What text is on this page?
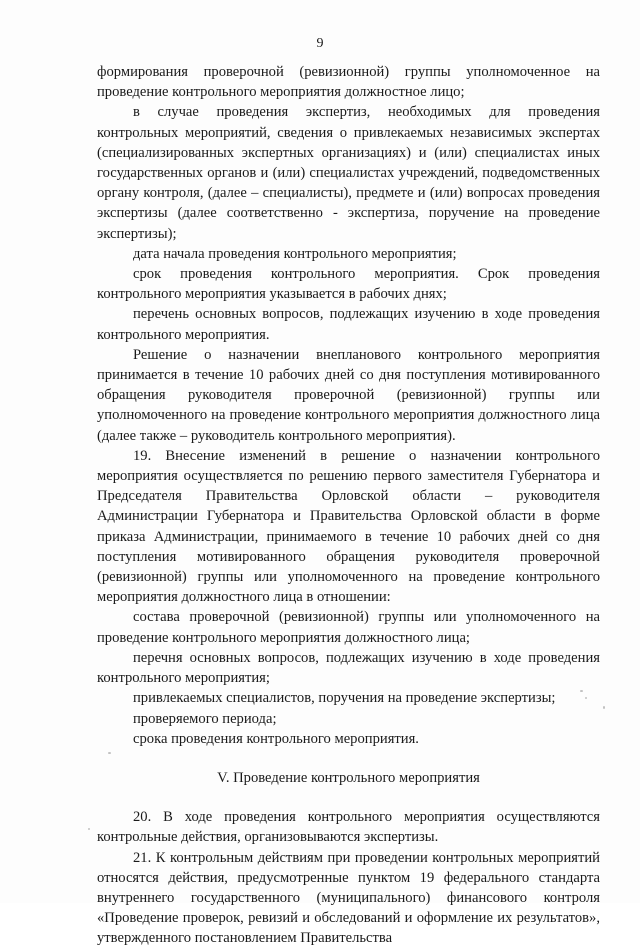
9

формирования проверочной (ревизионной) группы уполномоченное на проведение контрольного мероприятия должностное лицо;

в случае проведения экспертиз, необходимых для проведения контрольных мероприятий, сведения о привлекаемых независимых экспертах (специализированных экспертных организациях) и (или) специалистах иных государственных органов и (или) специалистах учреждений, подведомственных органу контроля, (далее – специалисты), предмете и (или) вопросах проведения экспертизы (далее соответственно - экспертиза, поручение на проведение экспертизы);

дата начала проведения контрольного мероприятия;

срок проведения контрольного мероприятия. Срок проведения контрольного мероприятия указывается в рабочих днях;

перечень основных вопросов, подлежащих изучению в ходе проведения контрольного мероприятия.

Решение о назначении внепланового контрольного мероприятия принимается в течение 10 рабочих дней со дня поступления мотивированного обращения руководителя проверочной (ревизионной) группы или уполномоченного на проведение контрольного мероприятия должностного лица (далее также – руководитель контрольного мероприятия).

19. Внесение изменений в решение о назначении контрольного мероприятия осуществляется по решению первого заместителя Губернатора и Председателя Правительства Орловской области – руководителя Администрации Губернатора и Правительства Орловской области в форме приказа Администрации, принимаемого в течение 10 рабочих дней со дня поступления мотивированного обращения руководителя проверочной (ревизионной) группы или уполномоченного на проведение контрольного мероприятия должностного лица в отношении:

состава проверочной (ревизионной) группы или уполномоченного на проведение контрольного мероприятия должностного лица;

перечня основных вопросов, подлежащих изучению в ходе проведения контрольного мероприятия;

привлекаемых специалистов, поручения на проведение экспертизы;

проверяемого периода;

срока проведения контрольного мероприятия.

V. Проведение контрольного мероприятия

20. В ходе проведения контрольного мероприятия осуществляются контрольные действия, организовываются экспертизы.

21. К контрольным действиям при проведении контрольных мероприятий относятся действия, предусмотренные пунктом 19 федерального стандарта внутреннего государственного (муниципального) финансового контроля «Проведение проверок, ревизий и обследований и оформление их результатов», утвержденного постановлением Правительства
